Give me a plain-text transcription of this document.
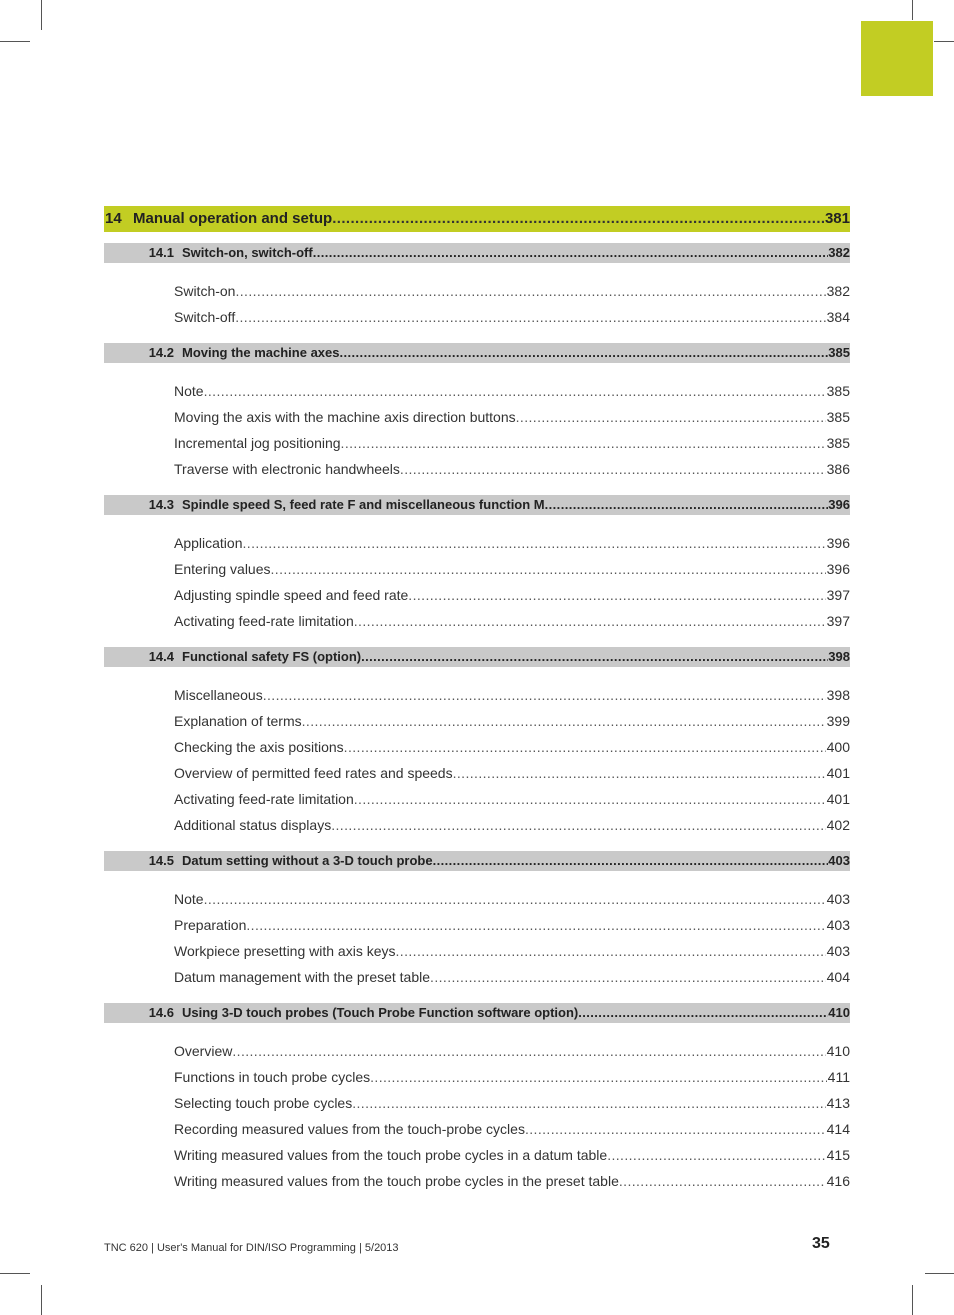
14 Manual operation and setup .....	381
14.1 Switch-on, switch-off .....	382
Switch-on .....	382
Switch-off .....	384
14.2 Moving the machine axes .....	385
Note .....	385
Moving the axis with the machine axis direction buttons .....	385
Incremental jog positioning .....	385
Traverse with electronic handwheels .....	386
14.3 Spindle speed S, feed rate F and miscellaneous function M .....	396
Application .....	396
Entering values .....	396
Adjusting spindle speed and feed rate .....	397
Activating feed-rate limitation .....	397
14.4 Functional safety FS (option) .....	398
Miscellaneous .....	398
Explanation of terms .....	399
Checking the axis positions .....	400
Overview of permitted feed rates and speeds .....	401
Activating feed-rate limitation .....	401
Additional status displays .....	402
14.5 Datum setting without a 3-D touch probe .....	403
Note .....	403
Preparation .....	403
Workpiece presetting with axis keys .....	403
Datum management with the preset table .....	404
14.6 Using 3-D touch probes (Touch Probe Function software option) .....	410
Overview .....	410
Functions in touch probe cycles .....	411
Selecting touch probe cycles .....	413
Recording measured values from the touch-probe cycles .....	414
Writing measured values from the touch probe cycles in a datum table .....	415
Writing measured values from the touch probe cycles in the preset table .....	416
TNC 620 | User's Manual for DIN/ISO Programming | 5/2013	35
